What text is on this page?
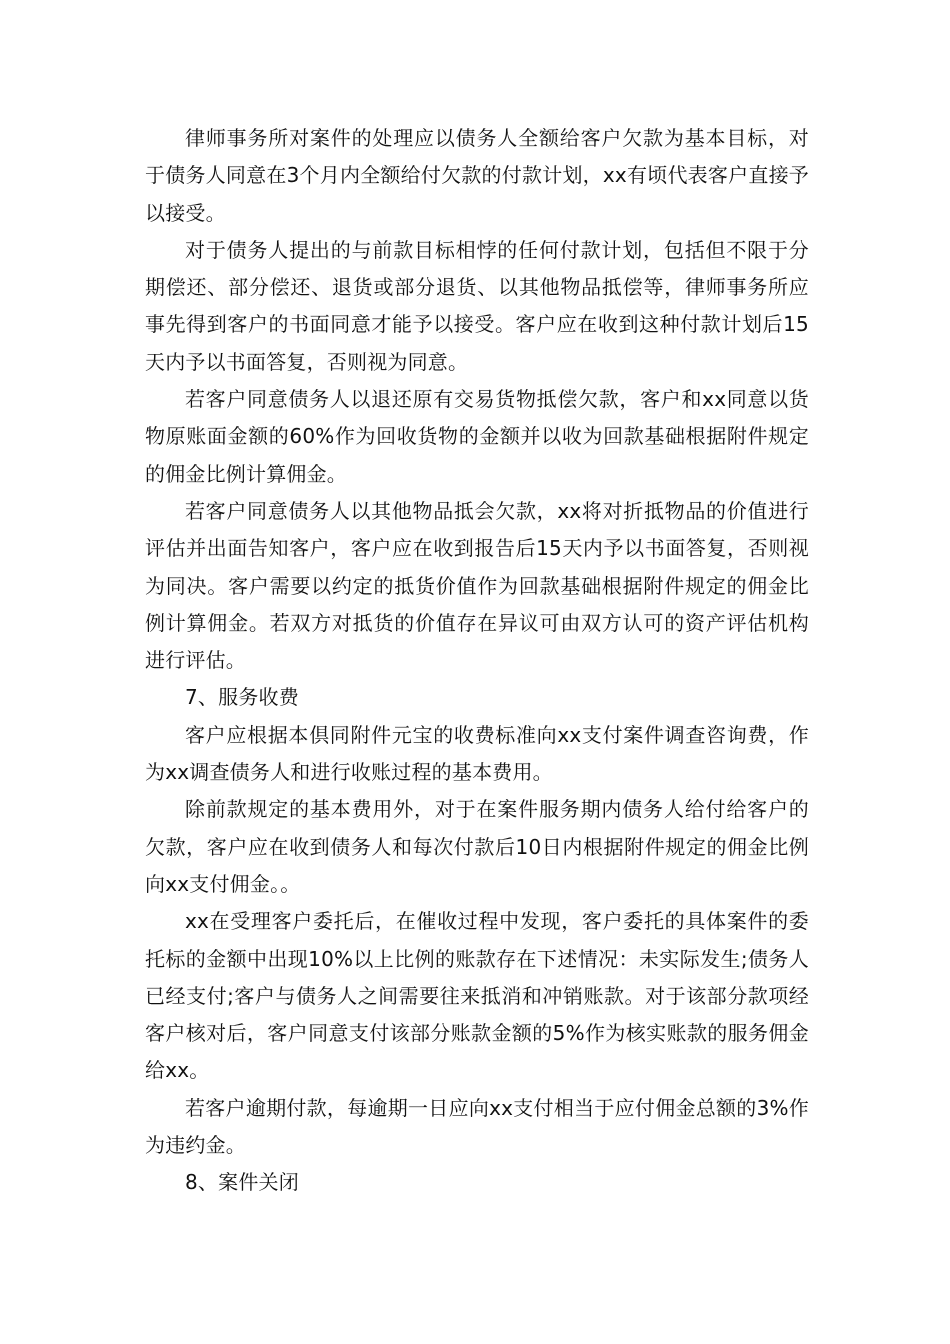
律师事务所对案件的处理应以债务人全额给客户欠款为基本目标，对于债务人同意在3个月内全额给付欠款的付款计划，xx有顷代表客户直接予以接受。

对于债务人提出的与前款目标相悖的任何付款计划，包括但不限于分期偿还、部分偿还、退货或部分退货、以其他物品抵偿等，律师事务所应事先得到客户的书面同意才能予以接受。客户应在收到这种付款计划后15天内予以书面答复，否则视为同意。

若客户同意债务人以退还原有交易货物抵偿欠款，客户和xx同意以货物原账面金额的60%作为回收货物的金额并以收为回款基础根据附件规定的佣金比例计算佣金。

若客户同意债务人以其他物品抵会欠款，xx将对折抵物品的价值进行评估并出面告知客户，客户应在收到报告后15天内予以书面答复，否则视为同决。客户需要以约定的抵货价值作为回款基础根据附件规定的佣金比例计算佣金。若双方对抵货的价值存在异议可由双方认可的资产评估机构进行评估。

7、服务收费

客户应根据本倶同附件元宝的收费标准向xx支付案件调查咨询费，作为xx调查债务人和进行收账过程的基本费用。

除前款规定的基本费用外，对于在案件服务期内债务人给付给客户的欠款，客户应在收到债务人和每次付款后10日内根据附件规定的佣金比例向xx支付佣金。。

xx在受理客户委托后，在催收过程中发现，客户委托的具体案件的委托标的金额中出现10%以上比例的账款存在下述情况：未实际发生;债务人已经支付;客户与债务人之间需要往来抵消和冲销账款。对于该部分款项经客户核对后，客户同意支付该部分账款金额的5%作为核实账款的服务佣金给xx。

若客户逾期付款，每逾期一日应向xx支付相当于应付佣金总额的3%作为违约金。

8、案件关闭
